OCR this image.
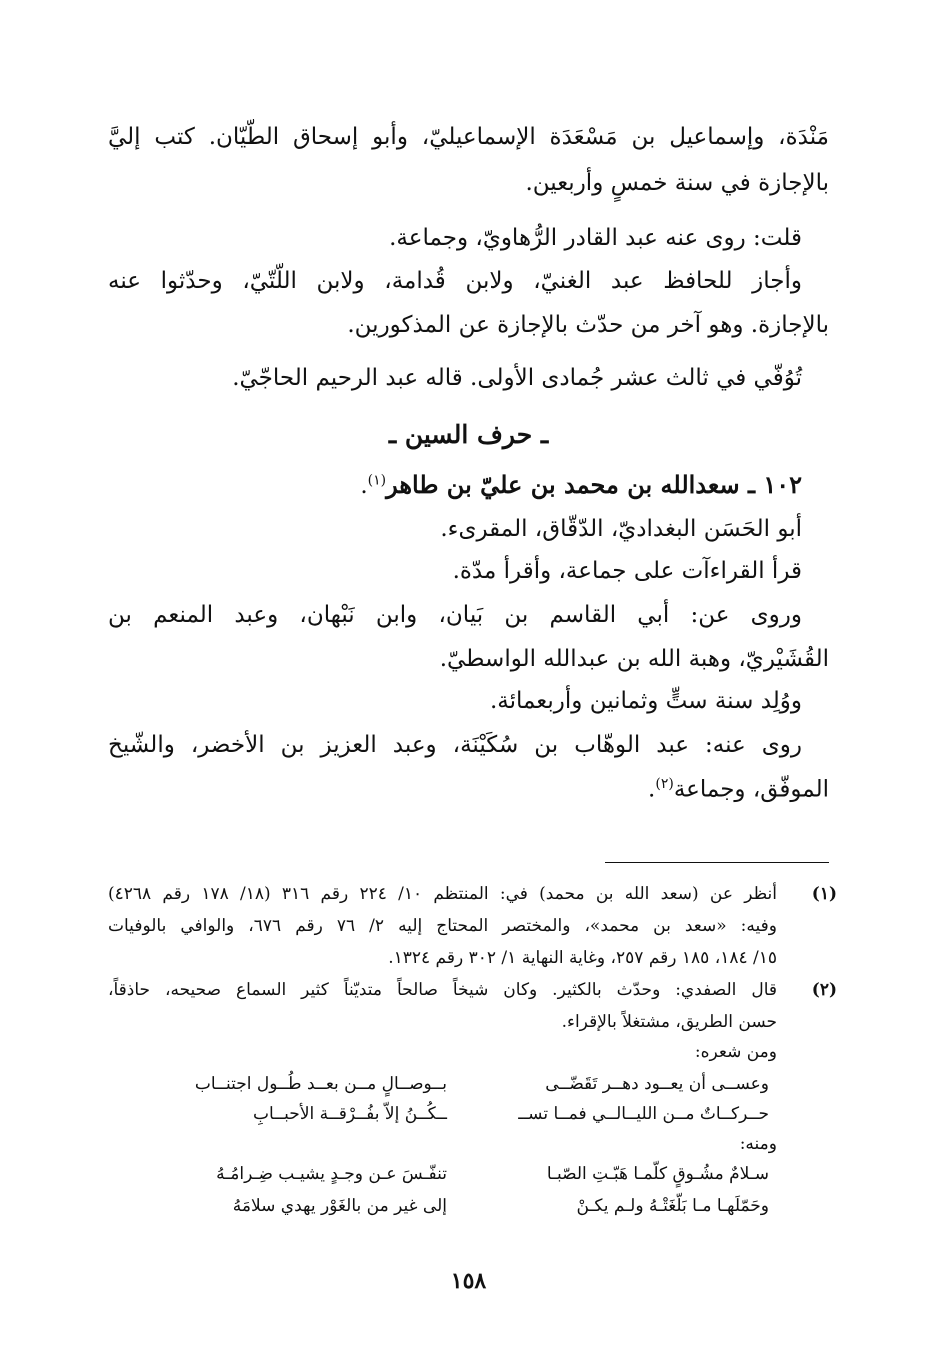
مَنْدَة، وإسماعيل بن مَسْعَدَة الإسماعيليّ، وأبو إسحاق الطّيّان. كتب إليَّ
بالإجازة في سنة خمسٍ وأربعين.
قلت: روى عنه عبد القادر الرُّهاويّ، وجماعة.
وأجاز للحافظ عبد الغنيّ، ولابن قُدامة، ولابن اللّتّيّ، وحدّثوا عنه
بالإجازة. وهو آخر من حدّث بالإجازة عن المذكورين.
تُوُفّي في ثالث عشر جُمادى الأولى. قاله عبد الرحيم الحاجّيّ.
ـ حرف السين ـ
١٠٢ ـ سعدالله بن محمد بن عليّ بن طاهر$^{(١)}$.
أبو الحَسَن البغداديّ، الدّقّاق، المقرىء.
قرأ القراءآت على جماعة، وأقرأ مدّة.
وروى عن: أبي القاسم بن بَيان، وابن نَبْهان، وعبد المنعم بن
القُشَيْريّ، وهبة الله بن عبدالله الواسطيّ.
ووُلِد سنة ستٍّ وثمانين وأربعمائة.
روى عنه: عبد الوهّاب بن سُكَيْنَة، وعبد العزيز بن الأخضر، والشّيخ
الموفّق، وجماعة$^{(٢)}$.
(١)
أنظر عن (سعد الله بن محمد) في: المنتظم ١٠/ ٢٢٤ رقم ٣١٦ (١٨/ ١٧٨ رقم ٤٢٦٨)
وفيه: «سعد بن محمد»، والمختصر المحتاج إليه ٢/ ٧٦ رقم ٦٧٦، والوافي بالوفيات
١٥/ ١٨٤، ١٨٥ رقم ٢٥٧، وغاية النهاية ١/ ٣٠٢ رقم ١٣٢٤.
(٢)
قال الصفدي: وحدّث بالكثير. وكان شيخاً صالحاً متديّناً كثير السماع صحيحه، حاذقاً،
حسن الطريق، مشتغلاً بالإقراء.
ومن شعره:
وعســى أن يعــود دهــر تَقَضّــى
بــوصــالٍ مــن بعــد طُــول اجتنــاب
حــركــاتٌ مــن الليــالــي فمــا تســ
ــكُــنُ إلاّ بفُــرْقــة الأحبــابِ
ومنه:
سـلامٌ مشُـوقٍ كلّمـا هَبّـتِ الصّبـا
تنفّـسَ عـن وجـدٍ يشيـب ضِـرامُـهُ
وحَمّلَهـا مـا بَلّغَتْـهُ ولـم يكـنْ
إلى غير من بالغَوْر يهدي سلامَهُ
١٥٨
